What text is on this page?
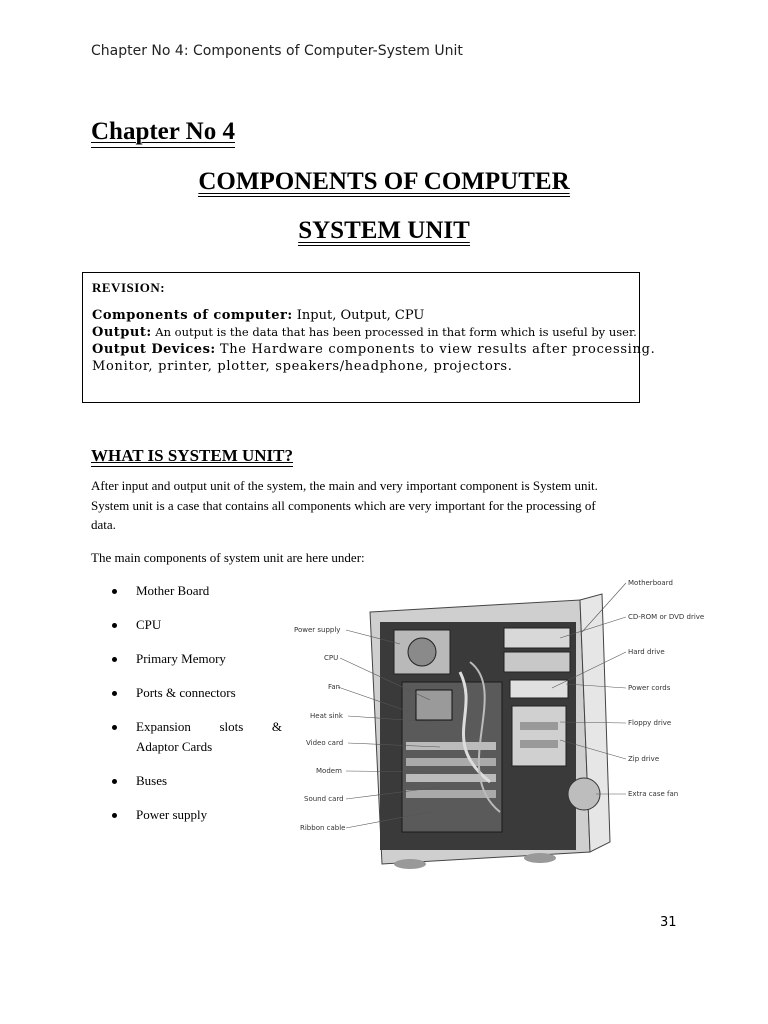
Chapter No 4: Components of Computer-System Unit
Chapter No 4
COMPONENTS OF COMPUTER
SYSTEM UNIT
REVISION:
Components of computer: Input, Output, CPU
Output: An output is the data that has been processed in that form which is useful by user.
Output Devices: The Hardware components to view results after processing.
Monitor, printer, plotter, speakers/headphone, projectors.
WHAT IS SYSTEM UNIT?
After input and output unit of the system, the main and very important component is System unit.
System unit is a case that contains all components which are very important for the processing of
data.
The main components of system unit are here under:
Mother Board
CPU
Primary Memory
Ports & connectors
Expansion slots &
Adaptor Cards
Buses
Power supply
Power supply
CPU
Fan
Heat sink
Video card
Modem
Sound card
Ribbon cable
Motherboard
CD-ROM or DVD drive
Hard drive
Power cords
Floppy drive
Zip drive
Extra case fan
31
